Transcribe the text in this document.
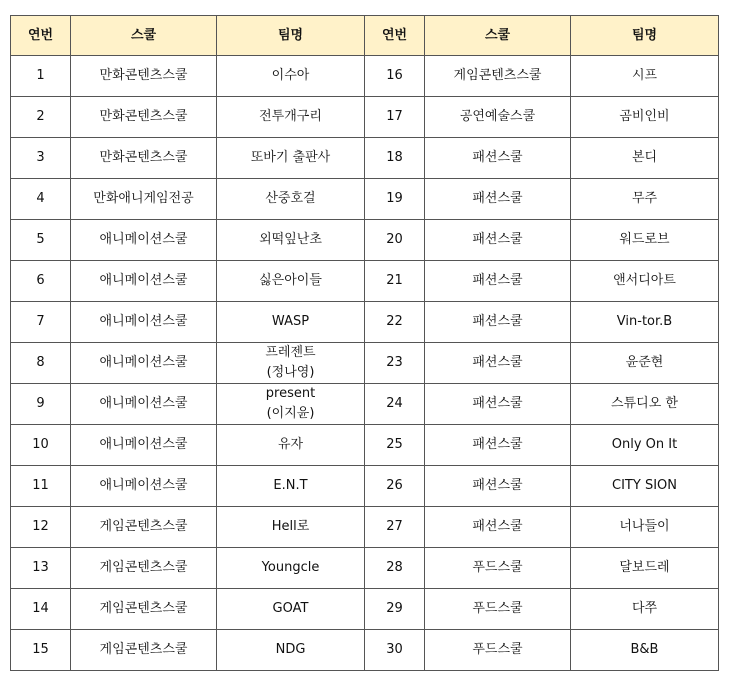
연번	스쿨	팀명	연번	스쿨	팀명
1	만화콘텐츠스쿨	이수아	16	게임콘텐츠스쿨	시프

2	만화콘텐츠스쿨	전투개구리	17	공연예술스쿨	곰비인비

3	만화콘텐츠스쿨	또바기 출판사	18	패션스쿨	본디

4	만화애니게임전공	산중호걸	19	패션스쿨	무주

5	애니메이션스쿨	외떡잎난초	20	패션스쿨	워드로브

6	애니메이션스쿨	싫은아이들	21	패션스쿨	앤서디아트

7	애니메이션스쿨	WASP	22	패션스쿨	Vin-tor.B

8	애니메이션스쿨	프레젠트
(정나영)	23	패션스쿨	윤준현

9	애니메이션스쿨	present
(이지윤)	24	패션스쿨	스튜디오 한

10	애니메이션스쿨	유자	25	패션스쿨	Only On It

11	애니메이션스쿨	E.N.T	26	패션스쿨	CITY SION

12	게임콘텐츠스쿨	Hell로	27	패션스쿨	너나들이

13	게임콘텐츠스쿨	Youngcle	28	푸드스쿨	달보드레

14	게임콘텐츠스쿨	GOAT	29	푸드스쿨	다쭈

15	게임콘텐츠스쿨	NDG	30	푸드스쿨	B&B
